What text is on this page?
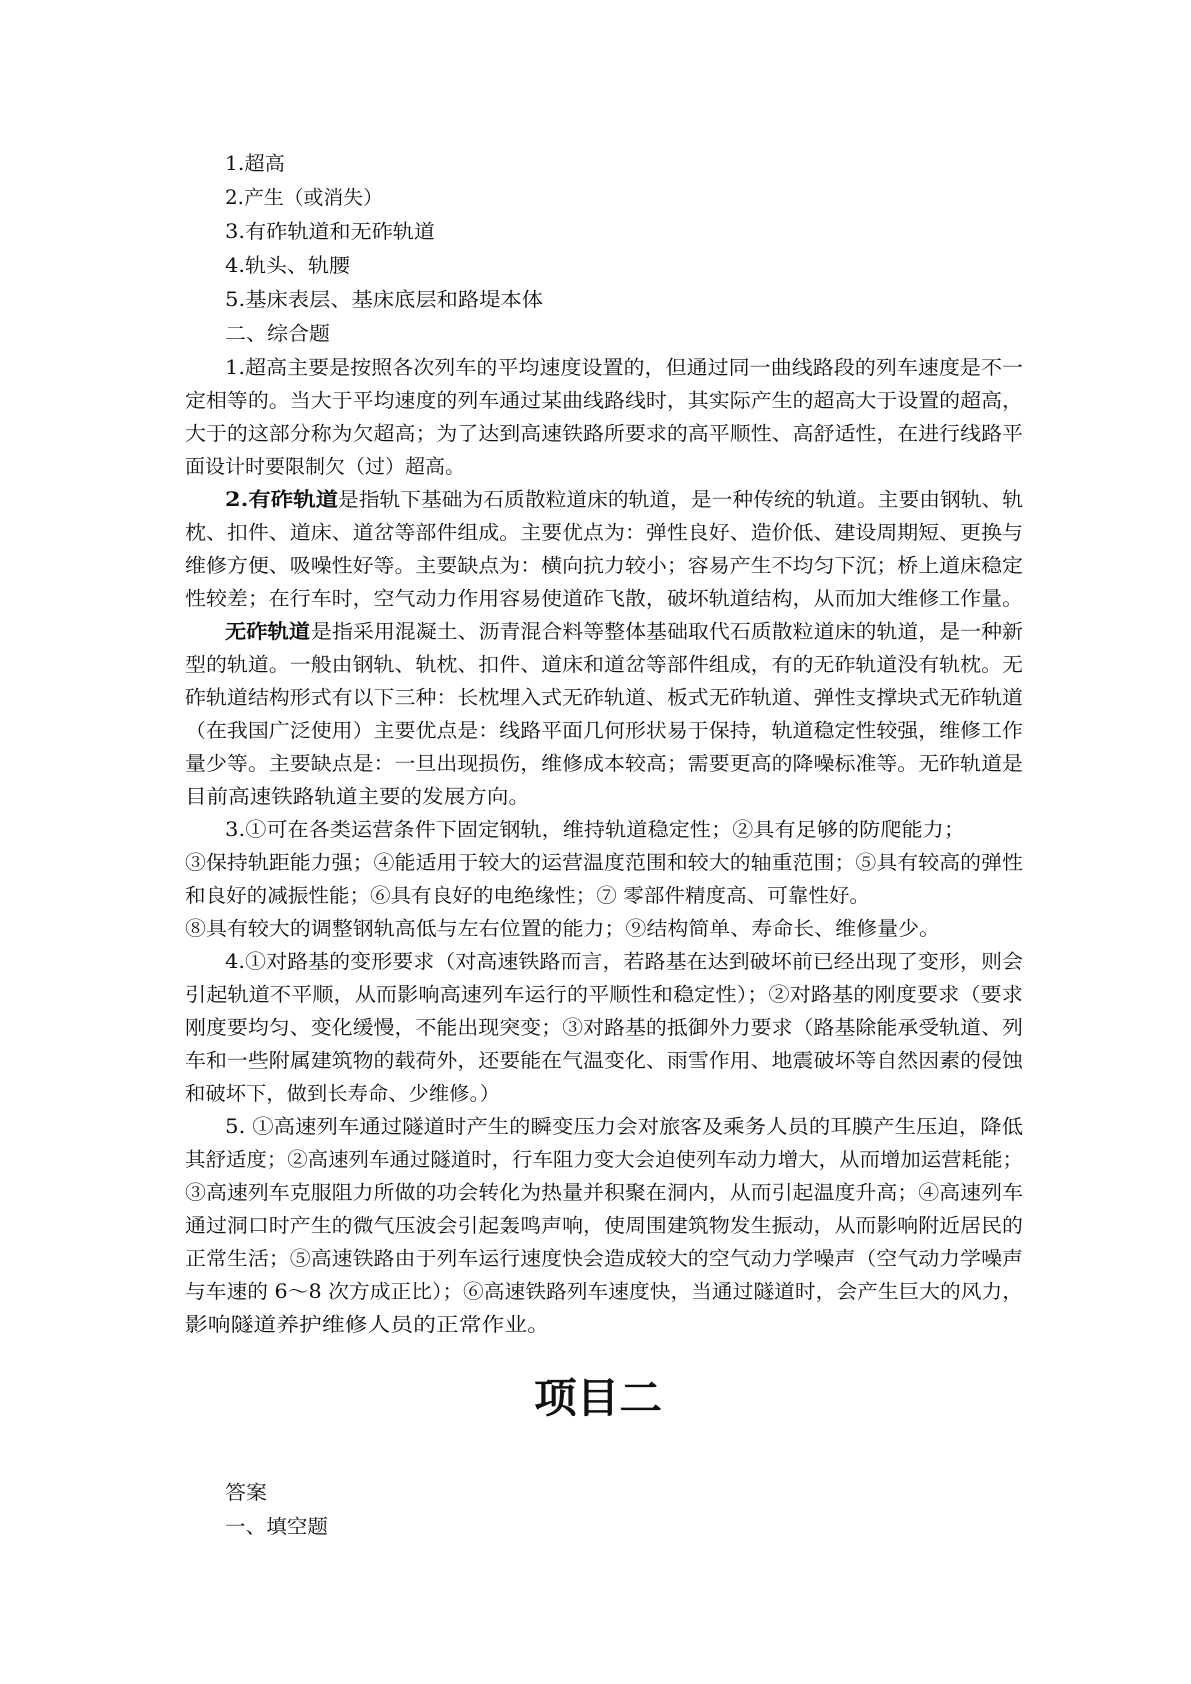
1.超高
2.产生（或消失）
3.有砟轨道和无砟轨道
4.轨头、轨腰
5.基床表层、基床底层和路堤本体
二、综合题
1.超高主要是按照各次列车的平均速度设置的，但通过同一曲线路段的列车速度是不一
定相等的。当大于平均速度的列车通过某曲线路线时，其实际产生的超高大于设置的超高，
大于的这部分称为欠超高；为了达到高速铁路所要求的高平顺性、高舒适性，在进行线路平
面设计时要限制欠（过）超高。
2.有砟轨道 是指轨下基础为石质散粒道床的轨道，是一种传统的轨道。主要由钢轨、轨
枕、扣件、道床、道岔等部件组成。主要优点为：弹性良好、造价低、建设周期短、更换与
维修方便、吸噪性好等。主要缺点为：横向抗力较小；容易产生不均匀下沉；桥上道床稳定
性较差；在行车时，空气动力作用容易使道砟飞散，破坏轨道结构，从而加大维修工作量。
无砟轨道 是指采用混凝土、沥青混合料等整体基础取代石质散粒道床的轨道，是一种新
型的轨道。一般由钢轨、轨枕、扣件、道床和道岔等部件组成，有的无砟轨道没有轨枕。无
砟轨道结构形式有以下三种：长枕埋入式无砟轨道、板式无砟轨道、弹性支撑块式无砟轨道
（在我国广泛使用）主要优点是：线路平面几何形状易于保持，轨道稳定性较强，维修工作
量少等。主要缺点是：一旦出现损伤，维修成本较高；需要更高的降噪标准等。无砟轨道是
目前高速铁路轨道主要的发展方向。
3.①可在各类运营条件下固定钢轨，维持轨道稳定性；②具有足够的防爬能力；
③保持轨距能力强；④能适用于较大的运营温度范围和较大的轴重范围；⑤具有较高的弹性
和良好的减振性能；⑥具有良好的电绝缘性；⑦ 零部件精度高、可靠性好。
⑧具有较大的调整钢轨高低与左右位置的能力；⑨结构简单、寿命长、维修量少。
4.①对路基的变形要求（对高速铁路而言，若路基在达到破坏前已经出现了变形，则会
引起轨道不平顺，从而影响高速列车运行的平顺性和稳定性）；②对路基的刚度要求（要求
刚度要均匀、变化缓慢，不能出现突变；③对路基的抵御外力要求（路基除能承受轨道、列
车和一些附属建筑物的载荷外，还要能在气温变化、雨雪作用、地震破坏等自然因素的侵蚀
和破坏下，做到长寿命、少维修。）
5. ①高速列车通过隧道时产生的瞬变压力会对旅客及乘务人员的耳膜产生压迫，降低
其舒适度；②高速列车通过隧道时，行车阻力变大会迫使列车动力增大，从而增加运营耗能；
③高速列车克服阻力所做的功会转化为热量并积聚在洞内，从而引起温度升高；④高速列车
通过洞口时产生的微气压波会引起轰鸣声响，使周围建筑物发生振动，从而影响附近居民的
正常生活；⑤高速铁路由于列车运行速度快会造成较大的空气动力学噪声（空气动力学噪声
与车速的 6～8 次方成正比）；⑥高速铁路列车速度快，当通过隧道时，会产生巨大的风力，
影响隧道养护维修人员的正常作业。
项目二
答案
一、填空题
